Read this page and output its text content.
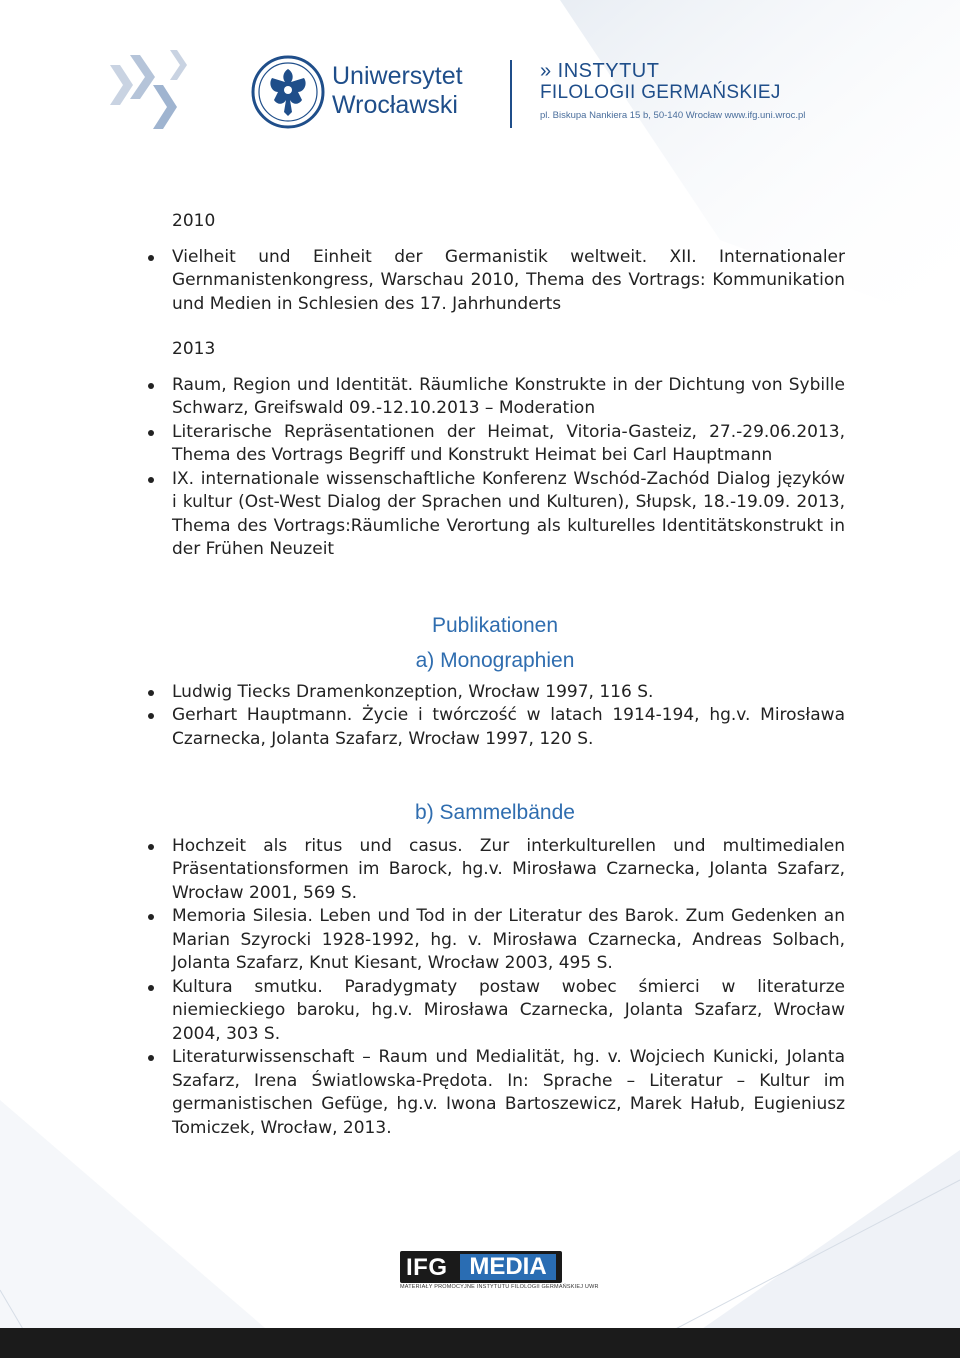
Uniwersytet
Wrocławski
» INSTYTUT
FILOLOGII GERMAŃSKIEJ
pl. Biskupa Nankiera 15 b, 50-140 Wrocław www.ifg.uni.wroc.pl

2010

Vielheit und Einheit der Germanistik weltweit. XII. Internationaler Gernmanistenkongress, Warschau 2010, Thema des Vortrags: Kommunikation und Medien in Schlesien des 17. Jahrhunderts

2013

Raum, Region und Identität. Räumliche Konstrukte in der Dichtung von Sybille Schwarz, Greifswald 09.-12.10.2013 – Moderation
Literarische Repräsentationen der Heimat, Vitoria-Gasteiz, 27.-29.06.2013, Thema des Vortrags Begriff und Konstrukt Heimat bei Carl Hauptmann
IX. internationale wissenschaftliche Konferenz Wschód-Zachód Dialog języków i kultur (Ost-West Dialog der Sprachen und Kulturen), Słupsk, 18.-19.09. 2013, Thema des Vortrags:Räumliche Verortung als kulturelles Identitätskonstrukt in der Frühen Neuzeit

Publikationen

a) Monographien

Ludwig Tiecks Dramenkonzeption, Wrocław 1997, 116 S.
Gerhart Hauptmann. Życie i twórczość w latach 1914-194, hg.v. Mirosława Czarnecka, Jolanta Szafarz, Wrocław 1997, 120 S.

b) Sammelbände

Hochzeit als ritus und casus. Zur interkulturellen und multimedialen Präsentationsformen im Barock, hg.v. Mirosława Czarnecka, Jolanta Szafarz, Wrocław 2001, 569 S.
Memoria Silesia. Leben und Tod in der Literatur des Barok. Zum Gedenken an Marian Szyrocki 1928-1992, hg. v. Mirosława Czarnecka, Andreas Solbach, Jolanta Szafarz, Knut Kiesant, Wrocław 2003, 495 S.
Kultura smutku. Paradygmaty postaw wobec śmierci w literaturze niemieckiego baroku, hg.v. Mirosława Czarnecka, Jolanta Szafarz, Wrocław 2004, 303 S.
Literaturwissenschaft – Raum und Medialität, hg. v. Wojciech Kunicki, Jolanta Szafarz, Irena Światlowska-Prędota. In: Sprache – Literatur – Kultur im germanistischen Gefüge, hg.v. Iwona Bartoszewicz, Marek Hałub, Eugieniusz Tomiczek, Wrocław, 2013.
IFG MEDIA
MATERIAŁY PROMOCYJNE INSTYTUTU FILOLOGII GERMAŃSKIEJ UWR
